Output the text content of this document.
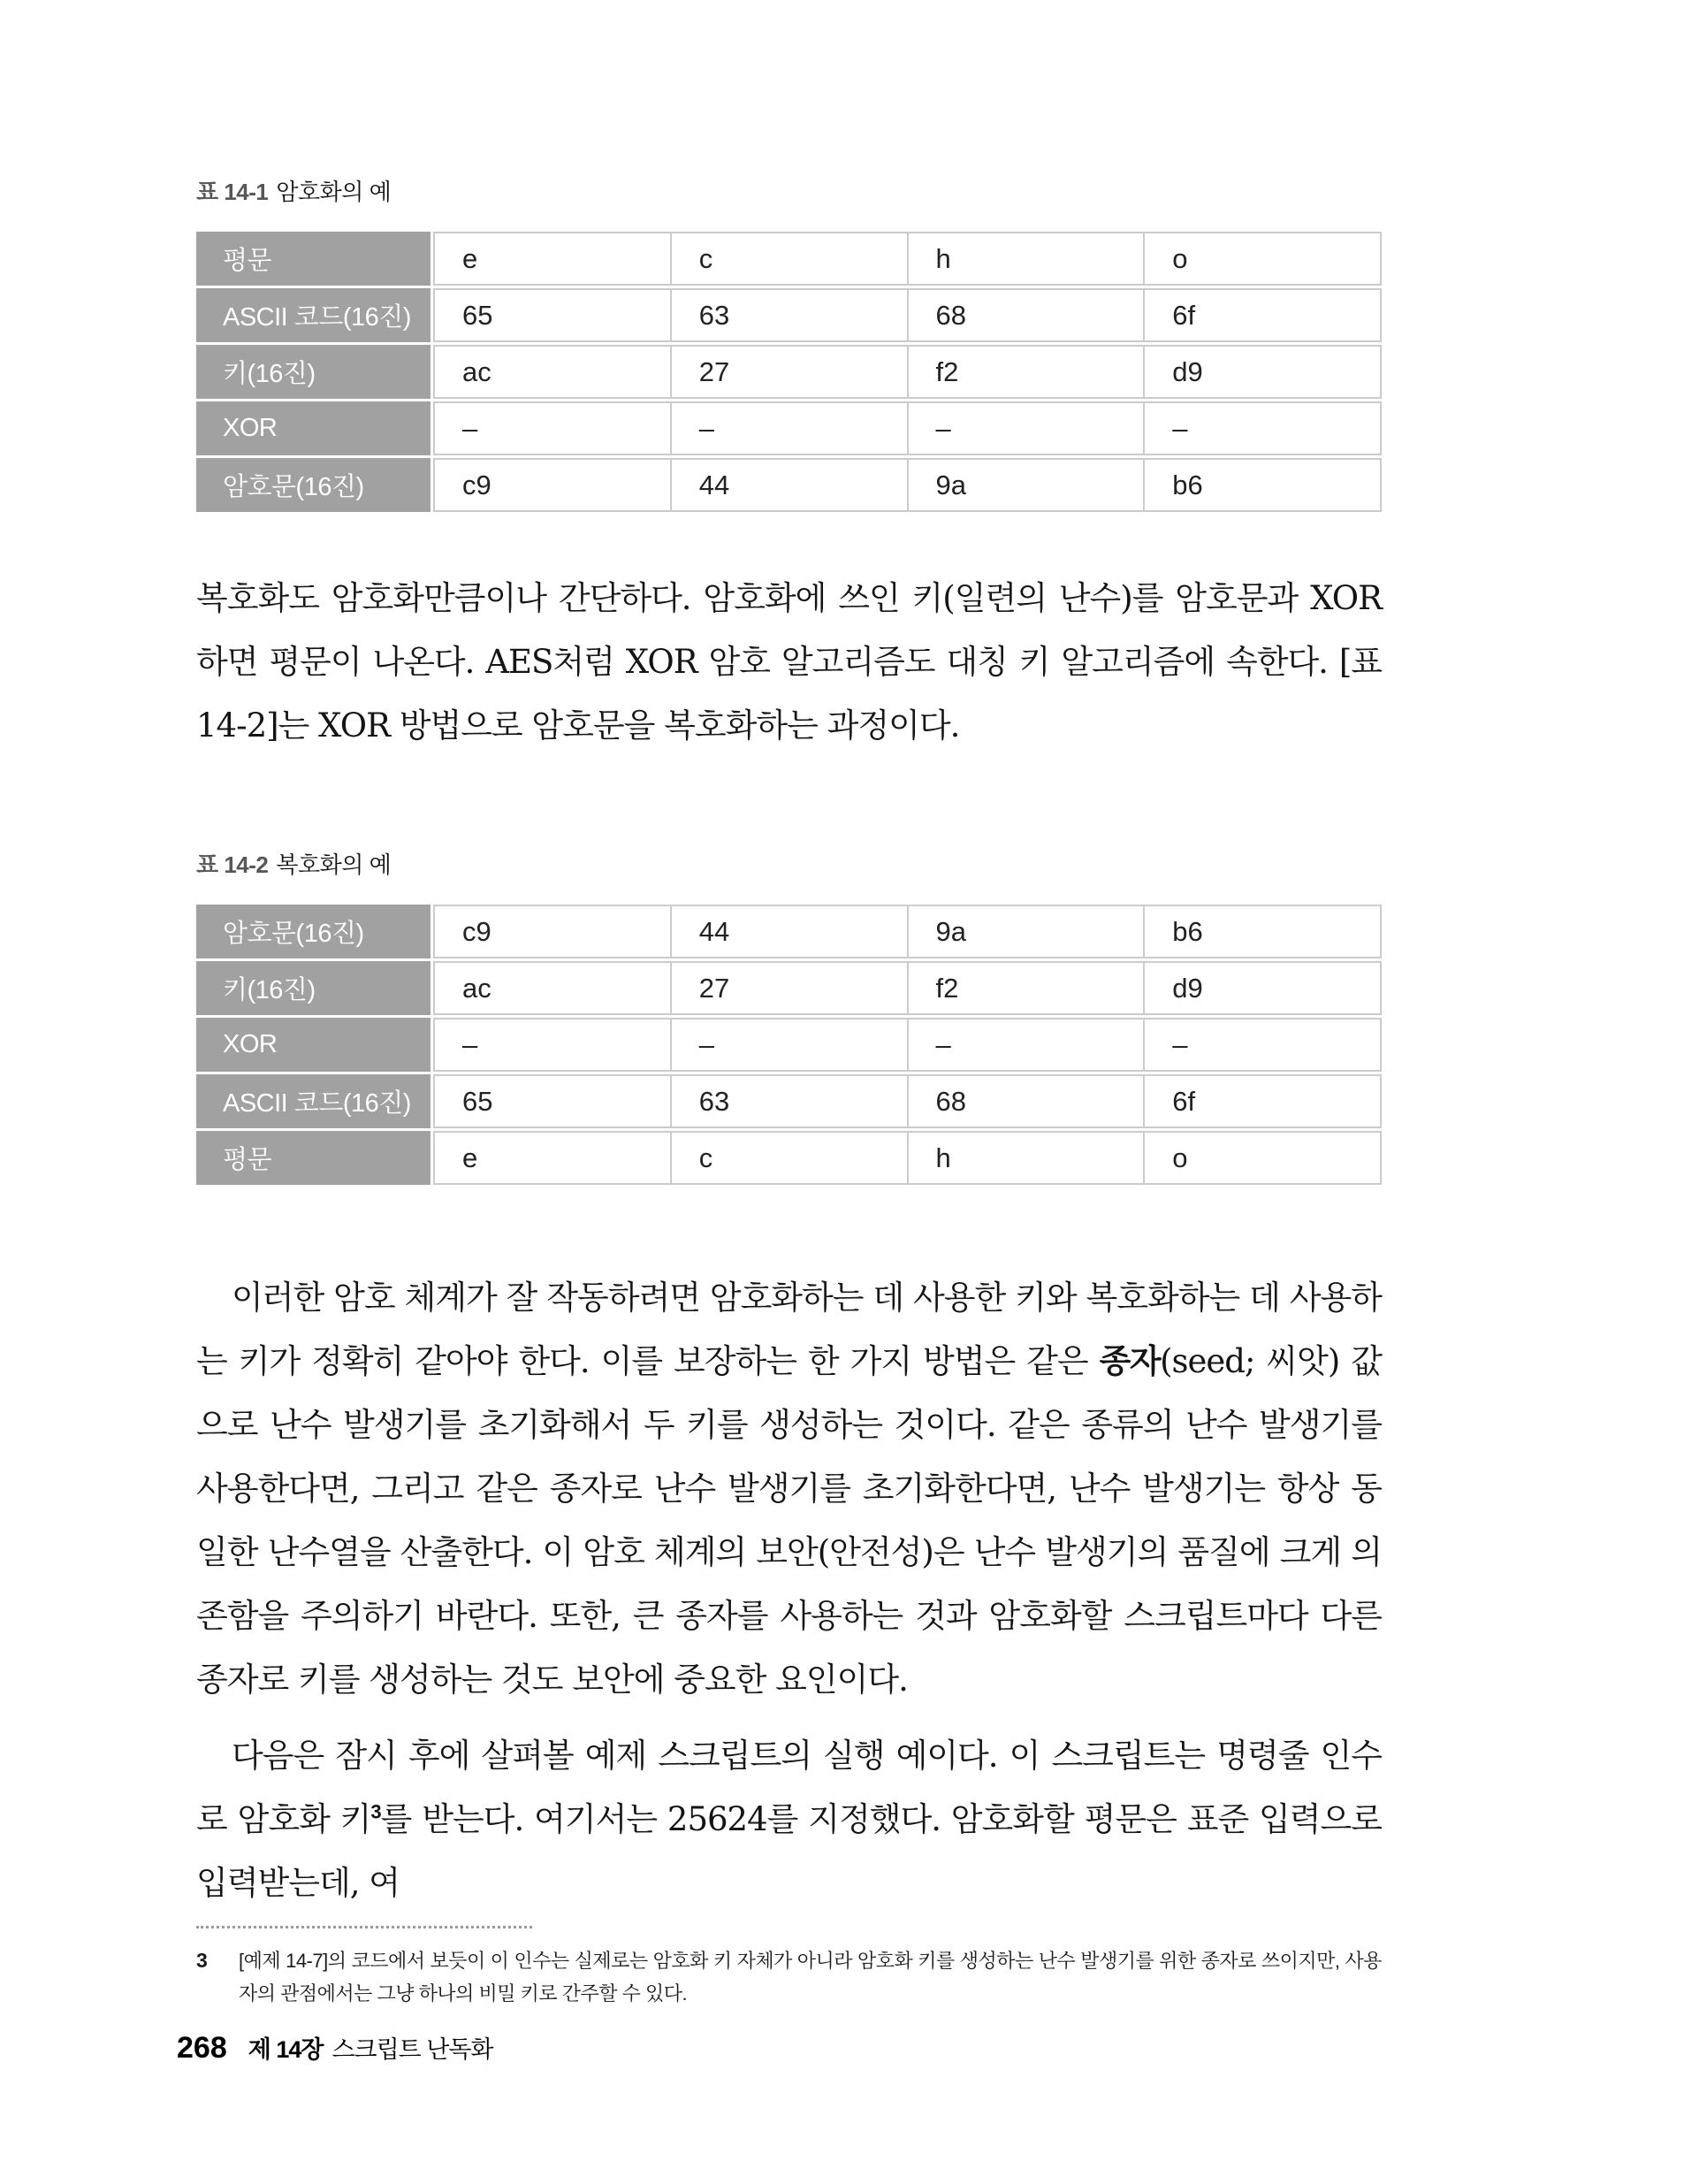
표 14-1 암호화의 예
평문	e	c	h	o
ASCII 코드(16진)	65	63	68	6f
키(16진)	ac	27	f2	d9
XOR	–	–	–	–
암호문(16진)	c9	44	9a	b6

복호화도 암호화만큼이나 간단하다. 암호화에 쓰인 키(일련의 난수)를 암호문과 XOR하면 평문이 나온다. AES처럼 XOR 암호 알고리즘도 대칭 키 알고리즘에 속한다. [표 14-2]는 XOR 방법으로 암호문을 복호화하는 과정이다.

표 14-2 복호화의 예
암호문(16진)	c9	44	9a	b6
키(16진)	ac	27	f2	d9
XOR	–	–	–	–
ASCII 코드(16진)	65	63	68	6f
평문	e	c	h	o

이러한 암호 체계가 잘 작동하려면 암호화하는 데 사용한 키와 복호화하는 데 사용하는 키가 정확히 같아야 한다. 이를 보장하는 한 가지 방법은 같은 종자(seed; 씨앗) 값으로 난수 발생기를 초기화해서 두 키를 생성하는 것이다. 같은 종류의 난수 발생기를 사용한다면, 그리고 같은 종자로 난수 발생기를 초기화한다면, 난수 발생기는 항상 동일한 난수열을 산출한다. 이 암호 체계의 보안(안전성)은 난수 발생기의 품질에 크게 의존함을 주의하기 바란다. 또한, 큰 종자를 사용하는 것과 암호화할 스크립트마다 다른 종자로 키를 생성하는 것도 보안에 중요한 요인이다.

다음은 잠시 후에 살펴볼 예제 스크립트의 실행 예이다. 이 스크립트는 명령줄 인수로 암호화 키$^3$를 받는다. 여기서는 25624를 지정했다. 암호화할 평문은 표준 입력으로 입력받는데, 여

3	[예제 14-7]의 코드에서 보듯이 이 인수는 실제로는 암호화 키 자체가 아니라 암호화 키를 생성하는 난수 발생기를 위한 종자로 쓰이지만, 사용자의 관점에서는 그냥 하나의 비밀 키로 간주할 수 있다.
268 제 14장 스크립트 난독화
